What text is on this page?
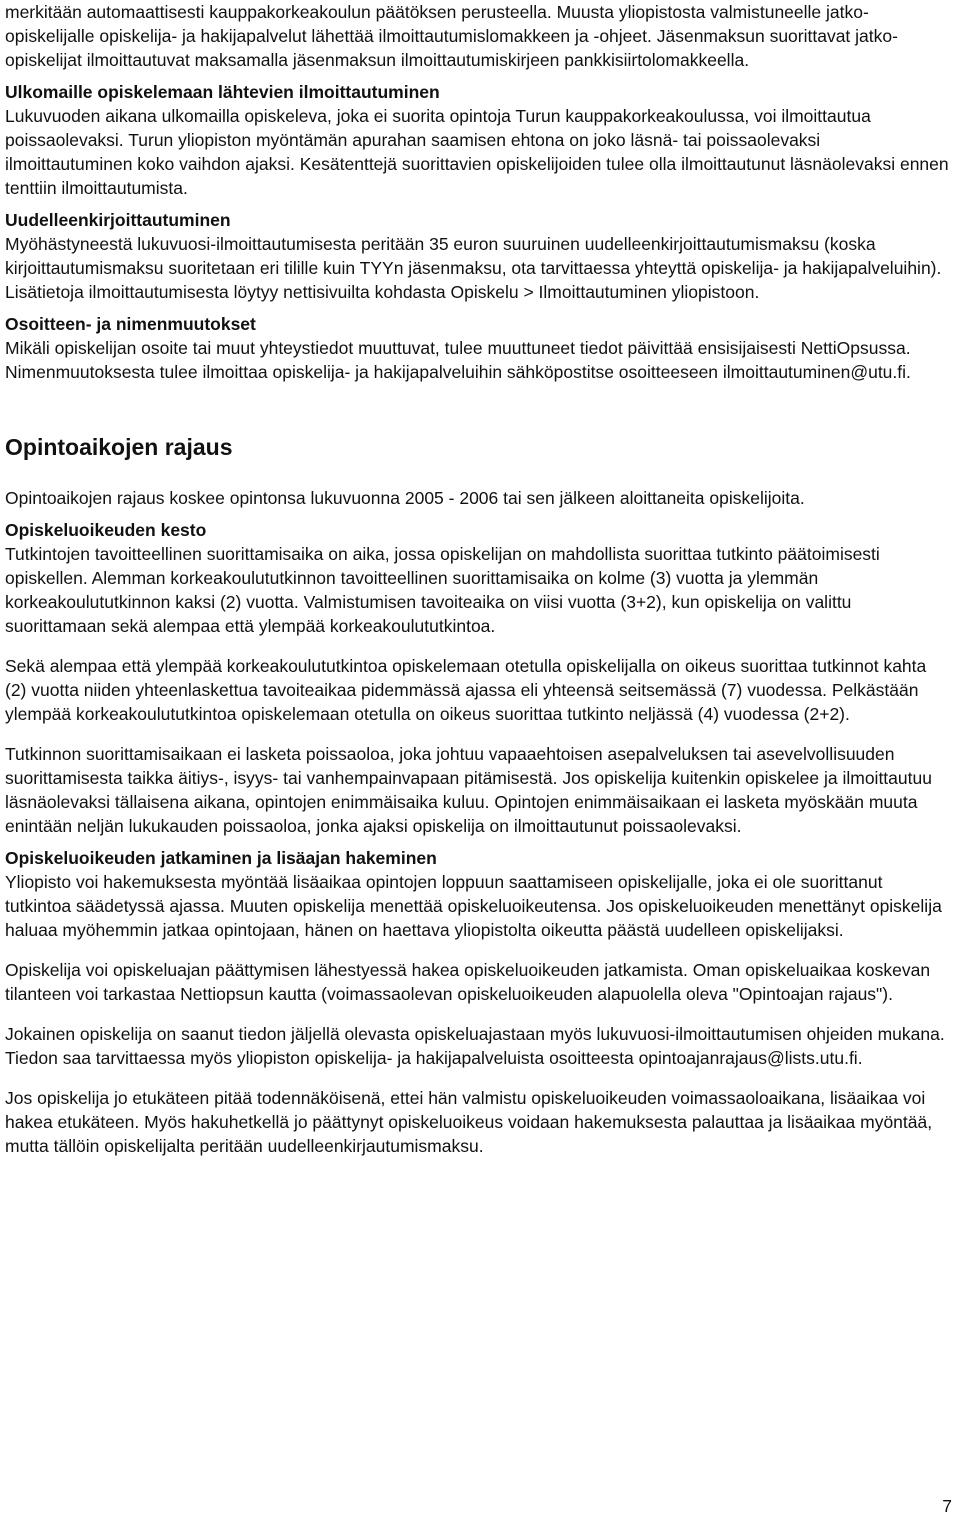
merkitään automaattisesti kauppakorkeakoulun päätöksen perusteella. Muusta yliopistosta valmistuneelle jatko-opiskelijalle opiskelija- ja hakijapalvelut lähettää ilmoittautumislomakkeen ja -ohjeet. Jäsenmaksun suorittavat jatko-opiskelijat ilmoittautuvat maksamalla jäsenmaksun ilmoittautumiskirjeen pankkisiirtolomakkeella.

Ulkomaille opiskelemaan lähtevien ilmoittautuminen

Lukuvuoden aikana ulkomailla opiskeleva, joka ei suorita opintoja Turun kauppakorkeakoulussa, voi ilmoittautua poissaolevaksi. Turun yliopiston myöntämän apurahan saamisen ehtona on joko läsnä- tai poissaolevaksi ilmoittautuminen koko vaihdon ajaksi. Kesätenttejä suorittavien opiskelijoiden tulee olla ilmoittautunut läsnäolevaksi ennen tenttiin ilmoittautumista.

Uudelleenkirjoittautuminen

Myöhästyneestä lukuvuosi-ilmoittautumisesta peritään 35 euron suuruinen uudelleenkirjoittautumismaksu (koska kirjoittautumismaksu suoritetaan eri tilille kuin TYYn jäsenmaksu, ota tarvittaessa yhteyttä opiskelija- ja hakijapalveluihin). Lisätietoja ilmoittautumisesta löytyy nettisivuilta kohdasta Opiskelu > Ilmoittautuminen yliopistoon.

Osoitteen- ja nimenmuutokset

Mikäli opiskelijan osoite tai muut yhteystiedot muuttuvat, tulee muuttuneet tiedot päivittää ensisijaisesti NettiOpsussa. Nimenmuutoksesta tulee ilmoittaa opiskelija- ja hakijapalveluihin sähköpostitse osoitteeseen ilmoittautuminen@utu.fi.

Opintoaikojen rajaus

Opintoaikojen rajaus koskee opintonsa lukuvuonna 2005 - 2006 tai sen jälkeen aloittaneita opiskelijoita.

Opiskeluoikeuden kesto

Tutkintojen tavoitteellinen suorittamisaika on aika, jossa opiskelijan on mahdollista suorittaa tutkinto päätoimisesti opiskellen. Alemman korkeakoulututkinnon tavoitteellinen suorittamisaika on kolme (3) vuotta ja ylemmän korkeakoulututkinnon kaksi (2) vuotta. Valmistumisen tavoiteaika on viisi vuotta (3+2), kun opiskelija on valittu suorittamaan sekä alempaa että ylempää korkeakoulututkintoa.

Sekä alempaa että ylempää korkeakoulututkintoa opiskelemaan otetulla opiskelijalla on oikeus suorittaa tutkinnot kahta (2) vuotta niiden yhteenlaskettua tavoiteaikaa pidemmässä ajassa eli yhteensä seitsemässä (7) vuodessa. Pelkästään ylempää korkeakoulututkintoa opiskelemaan otetulla on oikeus suorittaa tutkinto neljässä (4) vuodessa (2+2).

Tutkinnon suorittamisaikaan ei lasketa poissaoloa, joka johtuu vapaaehtoisen asepalveluksen tai asevelvollisuuden suorittamisesta taikka äitiys-, isyys- tai vanhempainvapaan pitämisestä. Jos opiskelija kuitenkin opiskelee ja ilmoittautuu läsnäolevaksi tällaisena aikana, opintojen enimmäisaika kuluu. Opintojen enimmäisaikaan ei lasketa myöskään muuta enintään neljän lukukauden poissaoloa, jonka ajaksi opiskelija on ilmoittautunut poissaolevaksi.

Opiskeluoikeuden jatkaminen ja lisäajan hakeminen

Yliopisto voi hakemuksesta myöntää lisäaikaa opintojen loppuun saattamiseen opiskelijalle, joka ei ole suorittanut tutkintoa säädetyssä ajassa. Muuten opiskelija menettää opiskeluoikeutensa. Jos opiskeluoikeuden menettänyt opiskelija haluaa myöhemmin jatkaa opintojaan, hänen on haettava yliopistolta oikeutta päästä uudelleen opiskelijaksi.

Opiskelija voi opiskeluajan päättymisen lähestyessä hakea opiskeluoikeuden jatkamista. Oman opiskeluaikaa koskevan tilanteen voi tarkastaa Nettiopsun kautta (voimassaolevan opiskeluoikeuden alapuolella oleva "Opintoajan rajaus").

Jokainen opiskelija on saanut tiedon jäljellä olevasta opiskeluajastaan myös lukuvuosi-ilmoittautumisen ohjeiden mukana. Tiedon saa tarvittaessa myös yliopiston opiskelija- ja hakijapalveluista osoitteesta opintoajanrajaus@lists.utu.fi.

Jos opiskelija jo etukäteen pitää todennäköisenä, ettei hän valmistu opiskeluoikeuden voimassaoloaikana, lisäaikaa voi hakea etukäteen. Myös hakuhetkellä jo päättynyt opiskeluoikeus voidaan hakemuksesta palauttaa ja lisäaikaa myöntää, mutta tällöin opiskelijalta peritään uudelleenkirjautumismaksu.

7
